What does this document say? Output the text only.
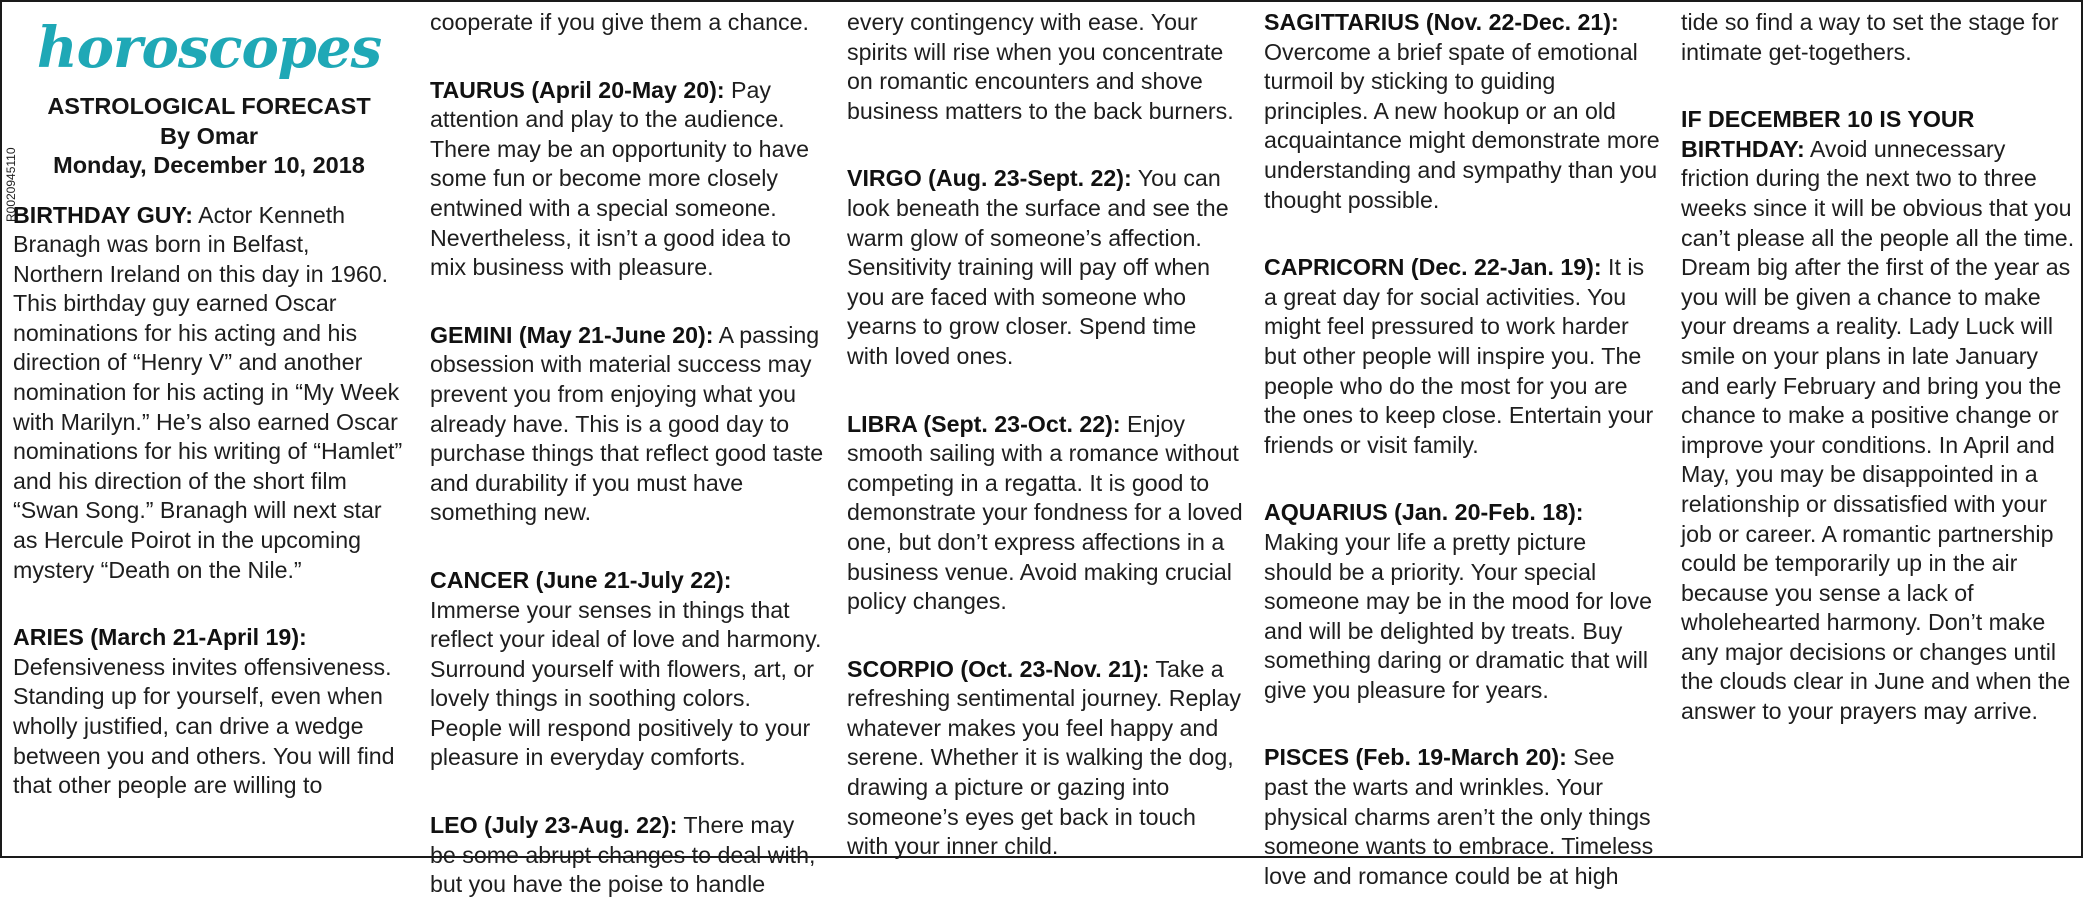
R0020945110
horoscopes
ASTROLOGICAL FORECAST
By Omar
Monday, December 10, 2018

BIRTHDAY GUY: Actor Kenneth Branagh was born in Belfast, Northern Ireland on this day in 1960. This birthday guy earned Oscar nominations for his acting and his direction of “Henry V” and another nomination for his acting in “My Week with Marilyn.” He’s also earned Oscar nominations for his writing of “Hamlet” and his direction of the short film “Swan Song.” Branagh will next star as Hercule Poirot in the upcoming mystery “Death on the Nile.”

ARIES (March 21-April 19): Defensiveness invites offensiveness. Standing up for yourself, even when wholly justified, can drive a wedge between you and others. You will find that other people are willing to

cooperate if you give them a chance.

TAURUS (April 20-May 20): Pay attention and play to the audience. There may be an opportunity to have some fun or become more closely entwined with a special someone. Nevertheless, it isn’t a good idea to mix business with pleasure.

GEMINI (May 21-June 20): A passing obsession with material success may prevent you from enjoying what you already have. This is a good day to purchase things that reflect good taste and durability if you must have something new.

CANCER (June 21-July 22): Immerse your senses in things that reflect your ideal of love and harmony. Surround yourself with flowers, art, or lovely things in soothing colors. People will respond positively to your pleasure in everyday comforts.

LEO (July 23-Aug. 22): There may be some abrupt changes to deal with, but you have the poise to handle

every contingency with ease. Your spirits will rise when you concentrate on romantic encounters and shove business matters to the back burners.

VIRGO (Aug. 23-Sept. 22): You can look beneath the surface and see the warm glow of someone’s affection. Sensitivity training will pay off when you are faced with someone who yearns to grow closer. Spend time with loved ones.

LIBRA (Sept. 23-Oct. 22): Enjoy smooth sailing with a romance without competing in a regatta. It is good to demonstrate your fondness for a loved one, but don’t express affections in a business venue. Avoid making crucial policy changes.

SCORPIO (Oct. 23-Nov. 21): Take a refreshing sentimental journey. Replay whatever makes you feel happy and serene. Whether it is walking the dog, drawing a picture or gazing into someone’s eyes get back in touch with your inner child.

SAGITTARIUS (Nov. 22-Dec. 21): Overcome a brief spate of emotional turmoil by sticking to guiding principles. A new hookup or an old acquaintance might demonstrate more understanding and sympathy than you thought possible.

CAPRICORN (Dec. 22-Jan. 19): It is a great day for social activities. You might feel pressured to work harder but other people will inspire you. The people who do the most for you are the ones to keep close. Entertain your friends or visit family.

AQUARIUS (Jan. 20-Feb. 18): Making your life a pretty picture should be a priority. Your special someone may be in the mood for love and will be delighted by treats. Buy something daring or dramatic that will give you pleasure for years.

PISCES (Feb. 19-March 20): See past the warts and wrinkles. Your physical charms aren’t the only things someone wants to embrace. Timeless love and romance could be at high

tide so find a way to set the stage for intimate get-togethers.

IF DECEMBER 10 IS YOUR BIRTHDAY: Avoid unnecessary friction during the next two to three weeks since it will be obvious that you can’t please all the people all the time. Dream big after the first of the year as you will be given a chance to make your dreams a reality. Lady Luck will smile on your plans in late January and early February and bring you the chance to make a positive change or improve your conditions. In April and May, you may be disappointed in a relationship or dissatisfied with your job or career. A romantic partnership could be temporarily up in the air because you sense a lack of wholehearted harmony. Don’t make any major decisions or changes until the clouds clear in June and when the answer to your prayers may arrive.
